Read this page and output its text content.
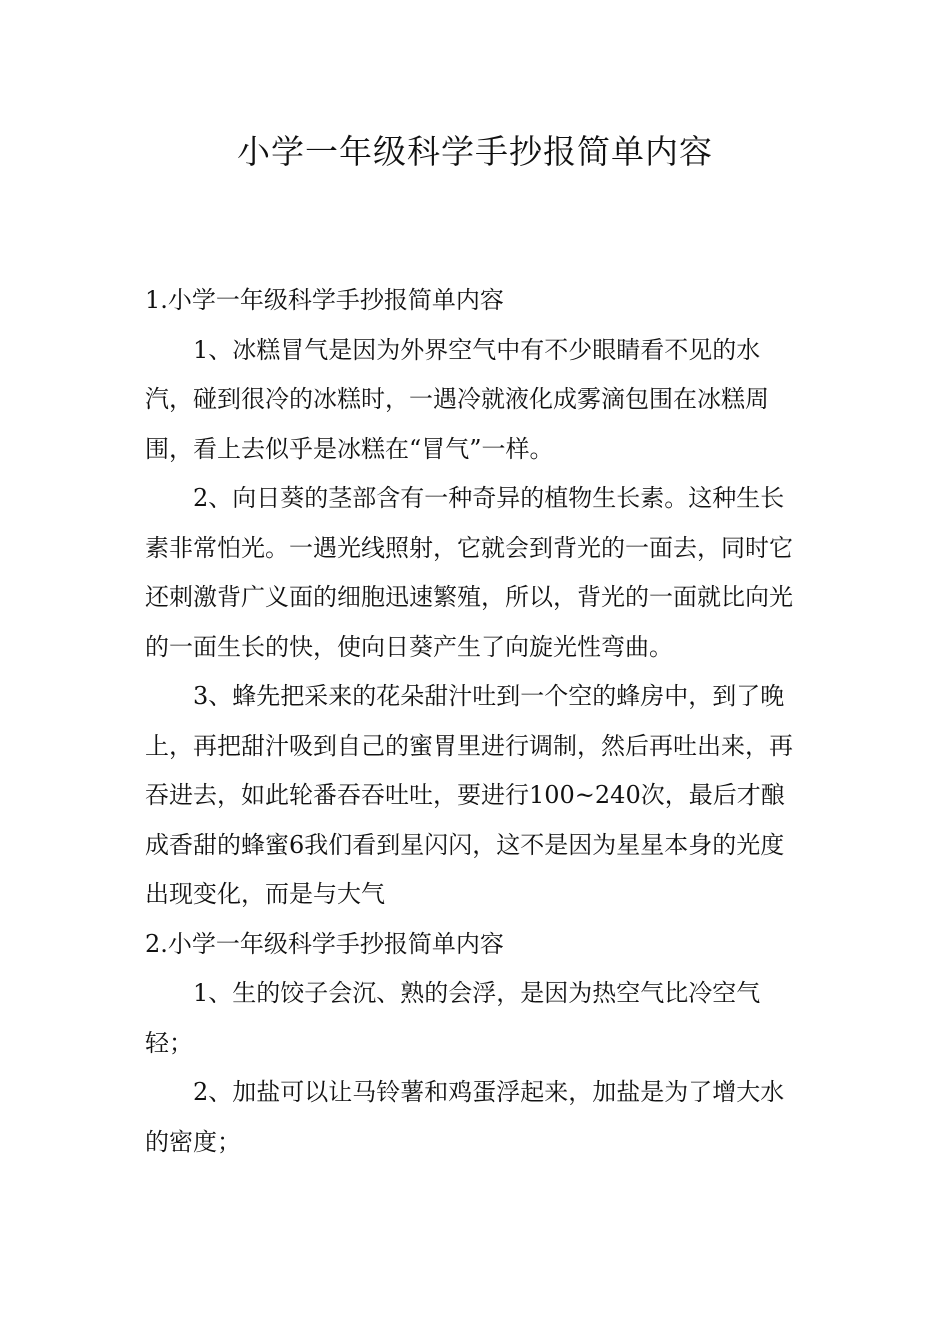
小学一年级科学手抄报简单内容

1.小学一年级科学手抄报简单内容

1、冰糕冒气是因为外界空气中有不少眼睛看不见的水汽，碰到很冷的冰糕时，一遇冷就液化成雾滴包围在冰糕周围，看上去似乎是冰糕在“冒气”一样。

2、向日葵的茎部含有一种奇异的植物生长素。这种生长素非常怕光。一遇光线照射，它就会到背光的一面去，同时它还刺激背广义面的细胞迅速繁殖，所以，背光的一面就比向光的一面生长的快，使向日葵产生了向旋光性弯曲。

3、蜂先把采来的花朵甜汁吐到一个空的蜂房中，到了晚上，再把甜汁吸到自己的蜜胃里进行调制，然后再吐出来，再吞进去，如此轮番吞吞吐吐，要进行100~240次，最后才酿成香甜的蜂蜜6我们看到星闪闪，这不是因为星星本身的光度出现变化，而是与大气

2.小学一年级科学手抄报简单内容

1、生的饺子会沉、熟的会浮，是因为热空气比冷空气轻；

2、加盐可以让马铃薯和鸡蛋浮起来，加盐是为了增大水的密度；
